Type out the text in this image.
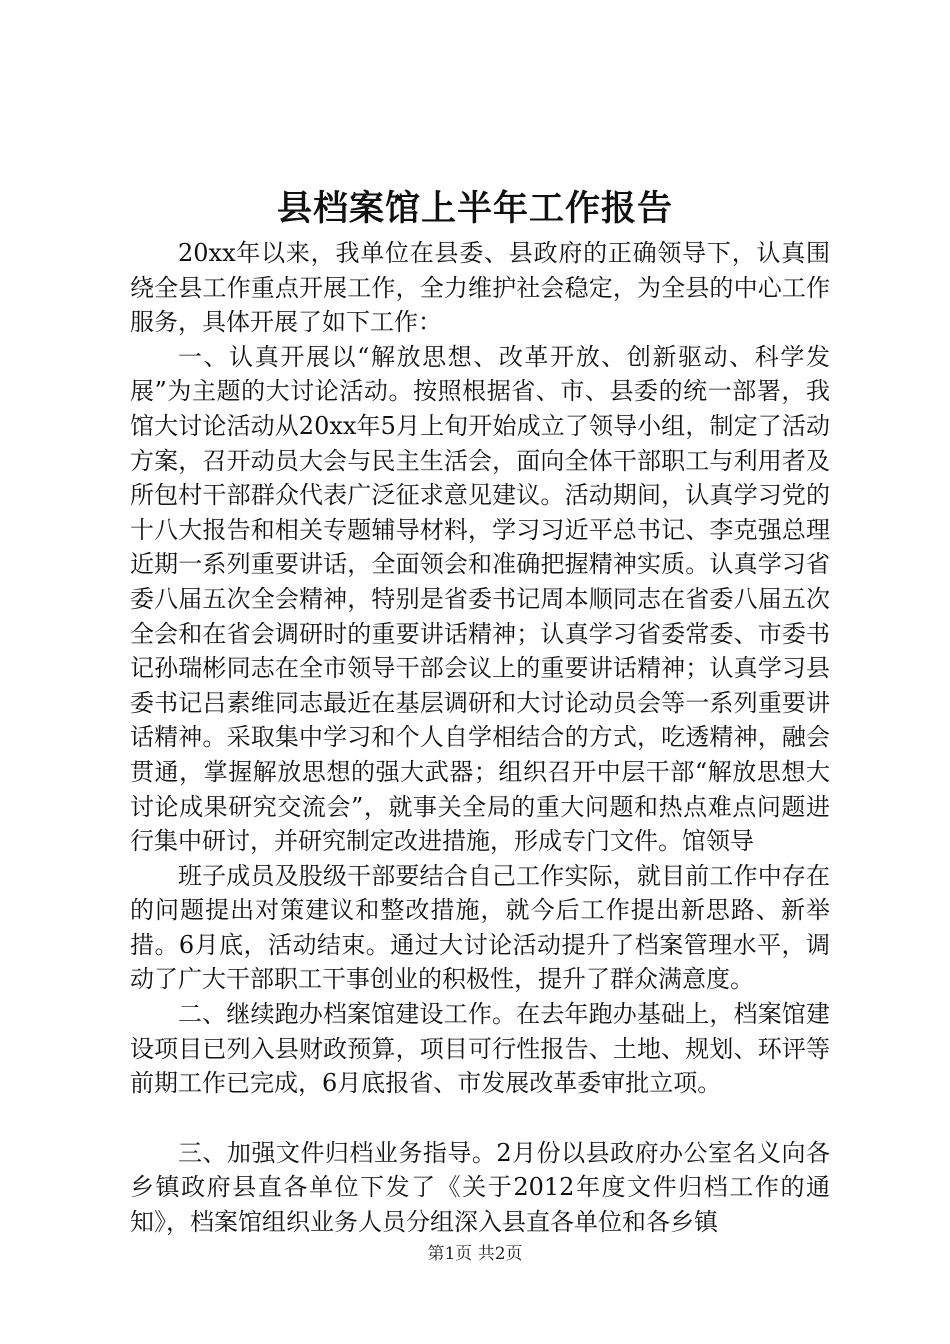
县档案馆上半年工作报告

20xx年以来，我单位在县委、县政府的正确领导下，认真围绕全县工作重点开展工作，全力维护社会稳定，为全县的中心工作服务，具体开展了如下工作：

一、认真开展以“解放思想、改革开放、创新驱动、科学发展”为主题的大讨论活动。按照根据省、市、县委的统一部署，我馆大讨论活动从20xx年5月上旬开始成立了领导小组，制定了活动方案，召开动员大会与民主生活会，面向全体干部职工与利用者及所包村干部群众代表广泛征求意见建议。活动期间，认真学习党的十八大报告和相关专题辅导材料，学习习近平总书记、李克强总理近期一系列重要讲话，全面领会和准确把握精神实质。认真学习省委八届五次全会精神，特别是省委书记周本顺同志在省委八届五次全会和在省会调研时的重要讲话精神；认真学习省委常委、市委书记孙瑞彬同志在全市领导干部会议上的重要讲话精神；认真学习县委书记吕素维同志最近在基层调研和大讨论动员会等一系列重要讲话精神。采取集中学习和个人自学相结合的方式，吃透精神，融会贯通，掌握解放思想的强大武器；组织召开中层干部“解放思想大讨论成果研究交流会”，就事关全局的重大问题和热点难点问题进行集中研讨，并研究制定改进措施，形成专门文件。馆领导

班子成员及股级干部要结合自己工作实际，就目前工作中存在的问题提出对策建议和整改措施，就今后工作提出新思路、新举措。6月底，活动结束。通过大讨论活动提升了档案管理水平，调动了广大干部职工干事创业的积极性，提升了群众满意度。

二、继续跑办档案馆建设工作。在去年跑办基础上，档案馆建设项目已列入县财政预算，项目可行性报告、土地、规划、环评等前期工作已完成，6月底报省、市发展改革委审批立项。

三、加强文件归档业务指导。2月份以县政府办公室名义向各乡镇政府县直各单位下发了《关于2012年度文件归档工作的通知》，档案馆组织业务人员分组深入县直各单位和各乡镇

第1页 共2页
